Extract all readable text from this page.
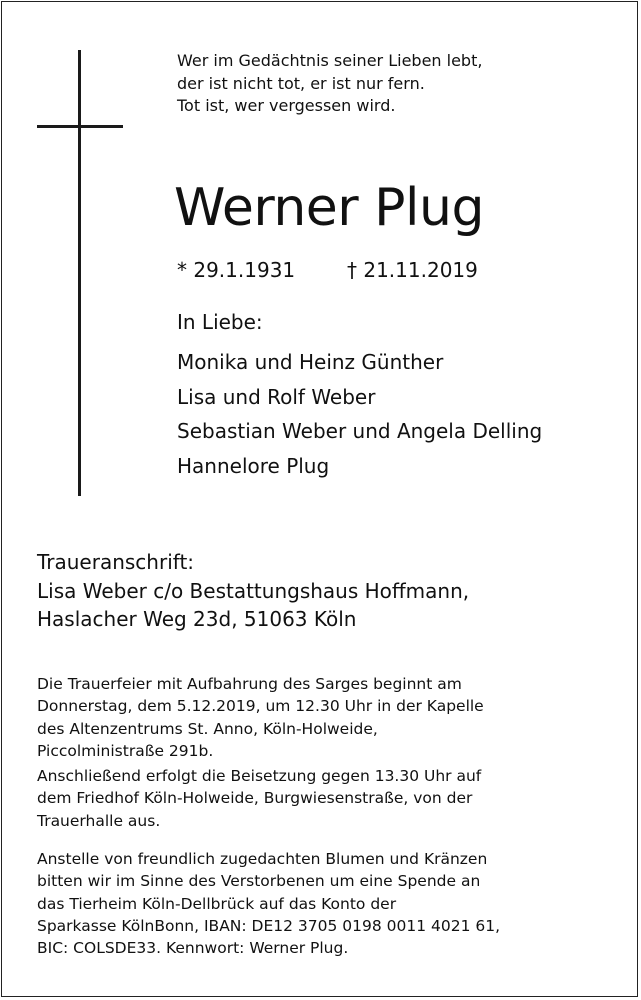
Wer im Gedächtnis seiner Lieben lebt,
der ist nicht tot, er ist nur fern.
Tot ist, wer vergessen wird.
Werner Plug
* 29.1.1931	† 21.11.2019
In Liebe:
Monika und Heinz Günther
Lisa und Rolf Weber
Sebastian Weber und Angela Delling
Hannelore Plug
Traueranschrift:
Lisa Weber c/o Bestattungshaus Hoffmann,
Haslacher Weg 23d, 51063 Köln
Die Trauerfeier mit Aufbahrung des Sarges beginnt am
Donnerstag, dem 5.12.2019, um 12.30 Uhr in der Kapelle
des Altenzentrums St. Anno, Köln-Holweide,
Piccolministraße 291b.
Anschließend erfolgt die Beisetzung gegen 13.30 Uhr auf
dem Friedhof Köln-Holweide, Burgwiesenstraße, von der
Trauerhalle aus.
Anstelle von freundlich zugedachten Blumen und Kränzen
bitten wir im Sinne des Verstorbenen um eine Spende an
das Tierheim Köln-Dellbrück auf das Konto der
Sparkasse KölnBonn, IBAN: DE12 3705 0198 0011 4021 61,
BIC: COLSDE33. Kennwort: Werner Plug.
